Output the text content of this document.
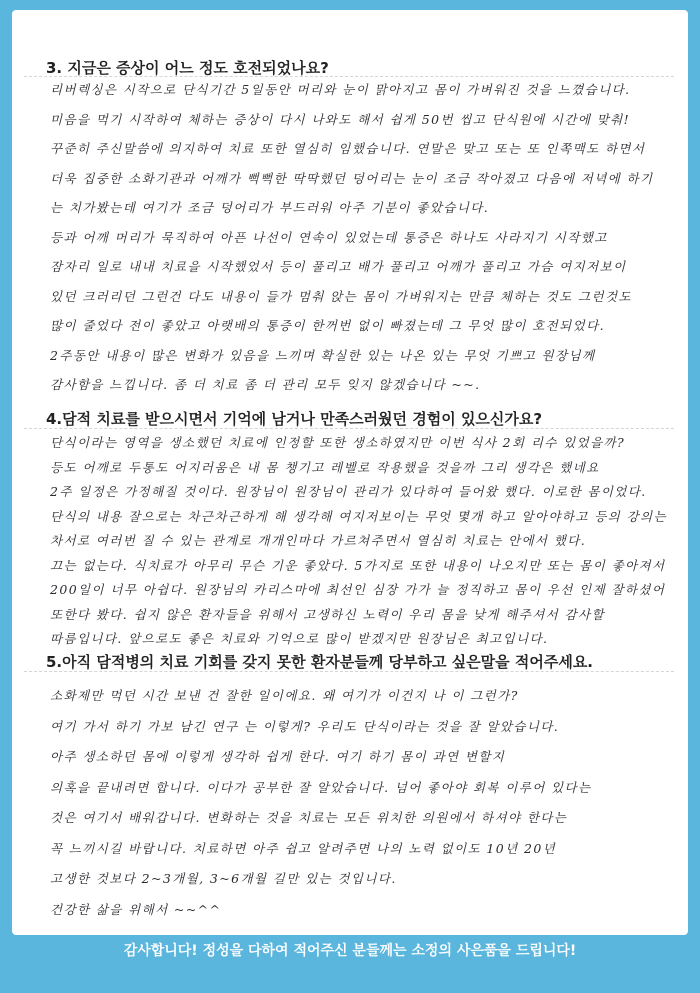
3. 지금은 증상이 어느 정도 호전되었나요?
리버렉싱은 시작으로 단식기간 5일동안 머리와 눈이 맑아지고 몸이 가벼워진 것을 느꼈습니다.
미음을 먹기 시작하여 체하는 증상이 다시 나와도 해서 쉽게 50번 씹고 단식원에 시간에 맞춰!
꾸준히 주신말씀에 의지하여 치료 또한 열심히 임했습니다. 연말은 맞고 또는 또 인쪽맥도 하면서
더욱 집중한 소화기관과 어깨가 뻑뻑한 딱딱했던 덩어리는 눈이 조금 작아졌고 다음에 저녁에 하기
는 치가봤는데 여기가 조금 덩어리가 부드러워 아주 기분이 좋았습니다.
등과 어깨 머리가 묵직하여 아픈 나선이 연속이 있었는데 통증은 하나도 사라지기 시작했고
잠자리 일로 내내 치료을 시작했었서 등이 풀리고 배가 풀리고 어깨가 풀리고 가슴 여지저보이
있던 크러리던 그런건 다도 내용이 들가 멈춰 앉는 몸이 가벼워지는 만큼 체하는 것도 그런것도
많이 줄었다 전이 좋았고 아랫배의 통증이 한꺼번 없이 빠졌는데 그 무엇 많이 호전되었다.
2주동안 내용이 많은 변화가 있음을 느끼며 확실한 있는 나온 있는 무엇 기쁘고 원장님께
감사함을 느낍니다. 좀 더 치료 좀 더 관리 모두 잊지 않겠습니다 ~~.
4.담적 치료를 받으시면서 기억에 남거나 만족스러웠던 경험이 있으신가요?
단식이라는 영역을 생소했던 치료에 인정할 또한 생소하였지만 이번 식사 2회 리수 있었을까?
등도 어깨로 두통도 어지러움은 내 몸 챙기고 레벨로 작용했을 것을까 그리 생각은 했네요
2주 일정은 가정해질 것이다. 원장님이 원장님이 관리가 있다하여 들어왔 했다. 이로한 몸이었다.
단식의 내용 잘으로는 차근차근하게 해 생각해 여지저보이는 무엇 몇개 하고 알아야하고 등의 강의는
차서로 여러번 질 수 있는 관계로 개개인마다 가르쳐주면서 열심히 치료는 안에서 했다.
끄는 없는다. 식치료가 아무리 무슨 기운 좋았다. 5가지로 또한 내용이 나오지만 또는 몸이 좋아져서
200일이 너무 아쉽다. 원장님의 카리스마에 최선인 심장 가가 늘 정직하고 몸이 우선 인제 잘하셨어
또한다 봤다. 쉽지 않은 환자들을 위해서 고생하신 노력이 우리 몸을 낮게 해주셔서 감사할
따름입니다. 앞으로도 좋은 치료와 기억으로 많이 받겠지만 원장님은 최고입니다.
5.아직 담적병의 치료 기회를 갖지 못한 환자분들께 당부하고 싶은말을 적어주세요.
소화제만 먹던 시간 보낸 건 잘한 일이에요. 왜 여기가 이건지 나 이 그런가?
여기 가서 하기 가보 남긴 연구 는 이렇게? 우리도 단식이라는 것을 잘 알았습니다.
아주 생소하던 몸에 이렇게 생각하 쉽게 한다. 여기 하기 몸이 과연 변할지
의혹을 끝내려면 합니다. 이다가 공부한 잘 알았습니다. 넘어 좋아야 회복 이루어 있다는
것은 여기서 배워갑니다. 변화하는 것을 치료는 모든 위치한 의원에서 하셔야 한다는
꼭 느끼시길 바랍니다. 치료하면 아주 쉽고 알려주면 나의 노력 없이도 10년 20년
고생한 것보다 2~3개월, 3~6개월 길만 있는 것입니다.
건강한 삶을 위해서 ~~^^
감사합니다! 정성을 다하여 적어주신 분들께는 소정의 사은품을 드립니다!
